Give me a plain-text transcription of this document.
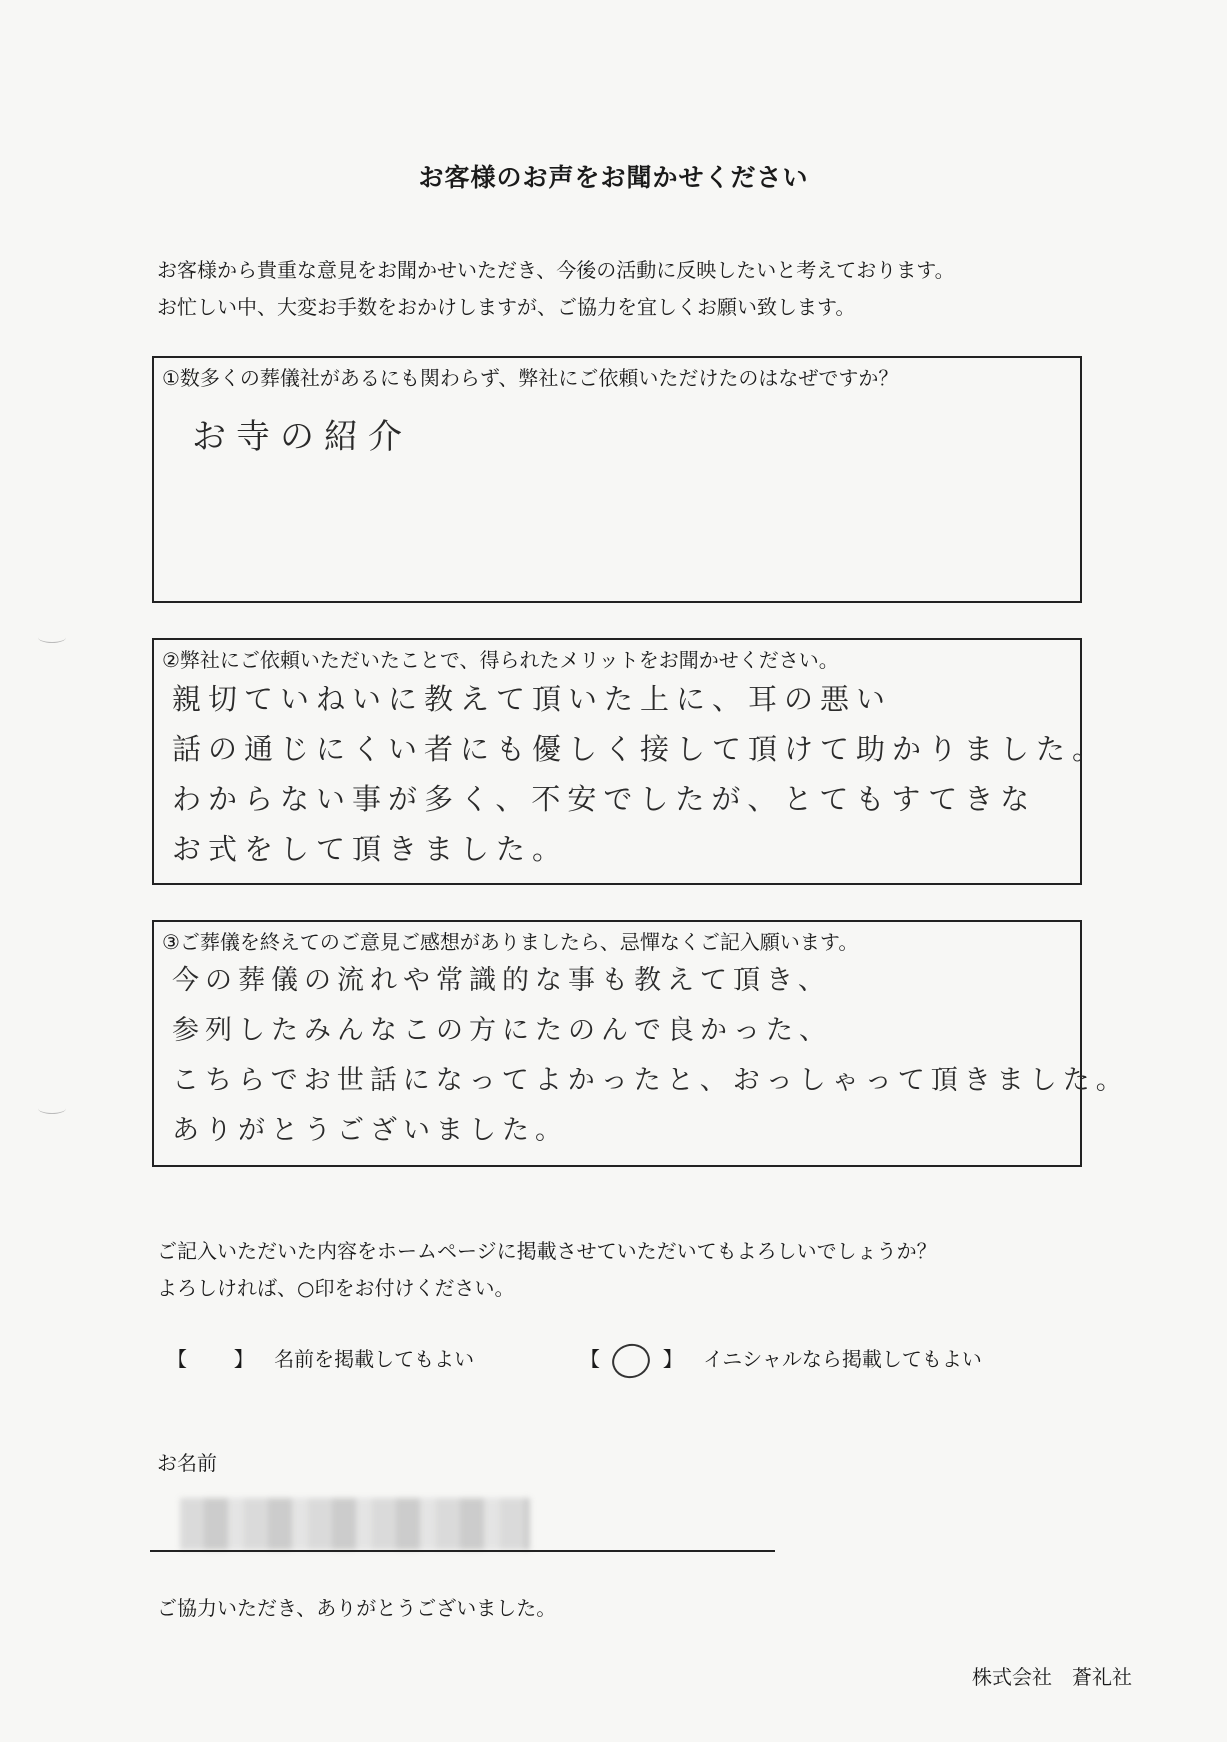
お客様のお声をお聞かせください
お客様から貴重な意見をお聞かせいただき、今後の活動に反映したいと考えております。
お忙しい中、大変お手数をおかけしますが、ご協力を宜しくお願い致します。
①数多くの葬儀社があるにも関わらず、弊社にご依頼いただけたのはなぜですか？
お寺の紹介
②弊社にご依頼いただいたことで、得られたメリットをお聞かせください。
親切ていねいに教えて頂いた上に、耳の悪い
話の通じにくい者にも優しく接して頂けて助かりました。
わからない事が多く、不安でしたが、とてもすてきな
お式をして頂きました。
③ご葬儀を終えてのご意見ご感想がありましたら、忌憚なくご記入願います。
今の葬儀の流れや常識的な事も教えて頂き、
参列したみんなこの方にたのんで良かった、
こちらでお世話になってよかったと、おっしゃって頂きました。
ありがとうございました。
ご記入いただいた内容をホームページに掲載させていただいてもよろしいでしょうか？
よろしければ、○印をお付けください。
【 】 名前を掲載してもよい	【	】 イニシャルなら掲載してもよい
お名前
ご協力いただき、ありがとうございました。
株式会社　蒼礼社
